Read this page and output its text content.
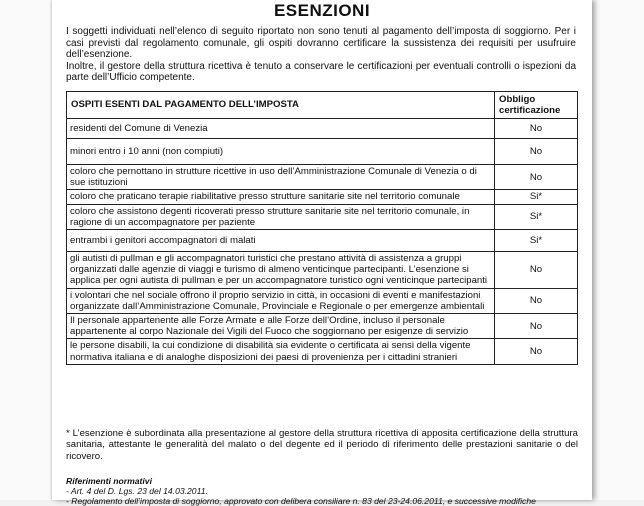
ESENZIONI

I soggetti individuati nell’elenco di seguito riportato non sono tenuti al pagamento dell’imposta di soggiorno. Per i casi previsti dal regolamento comunale, gli ospiti dovranno certificare la sussistenza dei requisiti per usufruire dell’esenzione.

Inoltre, il gestore della struttura ricettiva è tenuto a conservare le certificazioni per eventuali controlli o ispezioni da parte dell’Ufficio competente.

OSPITI ESENTI DAL PAGAMENTO DELL’IMPOSTA	Obbligo certificazione
residenti del Comune di Venezia	No
minori entro i 10 anni (non compiuti)	No
coloro che pernottano in strutture ricettive in uso dell’Amministrazione Comunale di Venezia o di sue istituzioni	No
coloro che praticano terapie riabilitative presso strutture sanitarie site nel territorio comunale	Si*
coloro che assistono degenti ricoverati presso strutture sanitarie site nel territorio comunale, in ragione di un accompagnatore per paziente	Si*
entrambi i genitori accompagnatori di malati	Si*
gli autisti di pullman e gli accompagnatori turistici che prestano attività di assistenza a gruppi organizzati dalle agenzie di viaggi e turismo di almeno venticinque partecipanti. L’esenzione si applica per ogni autista di pullman e per un accompagnatore turistico ogni venticinque partecipanti	No
i volontari che nel sociale offrono il proprio servizio in città, in occasioni di eventi e manifestazioni organizzate dall’Amministrazione Comunale, Provinciale e Regionale o per emergenze ambientali	No
Il personale appartenente alle Forze Armate e alle Forze dell’Ordine, incluso il personale appartenente al corpo Nazionale dei Vigili del Fuoco che soggiornano per esigenze di servizio	No
le persone disabili, la cui condizione di disabilità sia evidente o certificata ai sensi della vigente normativa italiana e di analoghe disposizioni dei paesi di provenienza per i cittadini stranieri	No
* L’esenzione è subordinata alla presentazione al gestore della struttura ricettiva di apposita certificazione della struttura sanitaria, attestante le generalità del malato o del degente ed il periodo di riferimento delle prestazioni sanitarie o del ricovero.
Riferimenti normativi
- Art. 4 del D. Lgs. 23 del 14.03.2011.
- Regolamento dell’imposta di soggiorno, approvato con delibera consiliare n. 83 del 23-24.06.2011, e successive modifiche
